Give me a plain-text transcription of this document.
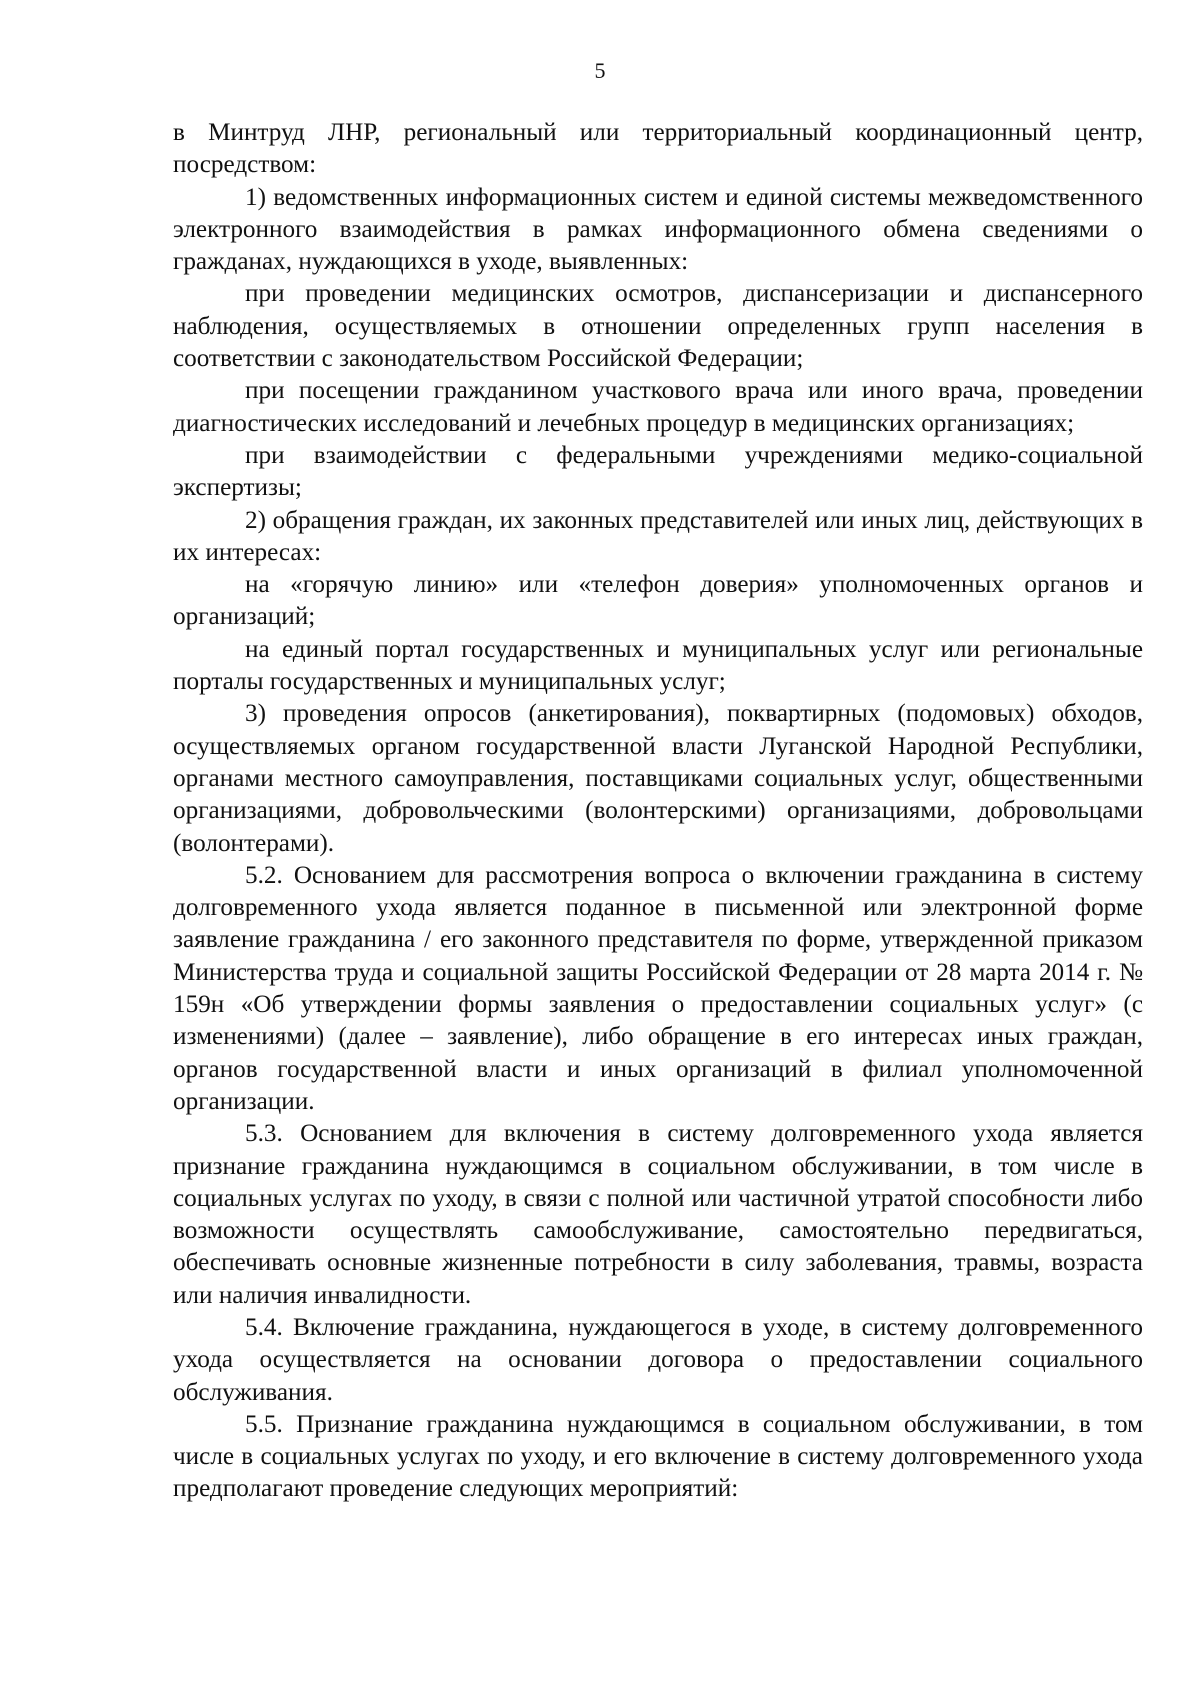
5

в Минтруд ЛНР, региональный или территориальный координационный центр, посредством:

1) ведомственных информационных систем и единой системы межведомственного электронного взаимодействия в рамках информационного обмена сведениями о гражданах, нуждающихся в уходе, выявленных:

при проведении медицинских осмотров, диспансеризации и диспансерного наблюдения, осуществляемых в отношении определенных групп населения в соответствии с законодательством Российской Федерации;

при посещении гражданином участкового врача или иного врача, проведении диагностических исследований и лечебных процедур в медицинских организациях;

при взаимодействии с федеральными учреждениями медико-социальной экспертизы;

2) обращения граждан, их законных представителей или иных лиц, действующих в их интересах:

на «горячую линию» или «телефон доверия» уполномоченных органов и организаций;

на единый портал государственных и муниципальных услуг или региональные порталы государственных и муниципальных услуг;

3) проведения опросов (анкетирования), поквартирных (подомовых) обходов, осуществляемых органом государственной власти Луганской Народной Республики, органами местного самоуправления, поставщиками социальных услуг, общественными организациями, добровольческими (волонтерскими) организациями, добровольцами (волонтерами).

5.2. Основанием для рассмотрения вопроса о включении гражданина в систему долговременного ухода является поданное в письменной или электронной форме заявление гражданина / его законного представителя по форме, утвержденной приказом Министерства труда и социальной защиты Российской Федерации от 28 марта 2014 г. № 159н «Об утверждении формы заявления о предоставлении социальных услуг» (с изменениями) (далее – заявление), либо обращение в его интересах иных граждан, органов государственной власти и иных организаций в филиал уполномоченной организации.

5.3. Основанием для включения в систему долговременного ухода является признание гражданина нуждающимся в социальном обслуживании, в том числе в социальных услугах по уходу, в связи с полной или частичной утратой способности либо возможности осуществлять самообслуживание, самостоятельно передвигаться, обеспечивать основные жизненные потребности в силу заболевания, травмы, возраста или наличия инвалидности.

5.4. Включение гражданина, нуждающегося в уходе, в систему долговременного ухода осуществляется на основании договора о предоставлении социального обслуживания.

5.5. Признание гражданина нуждающимся в социальном обслуживании, в том числе в социальных услугах по уходу, и его включение в систему долговременного ухода предполагают проведение следующих мероприятий:
